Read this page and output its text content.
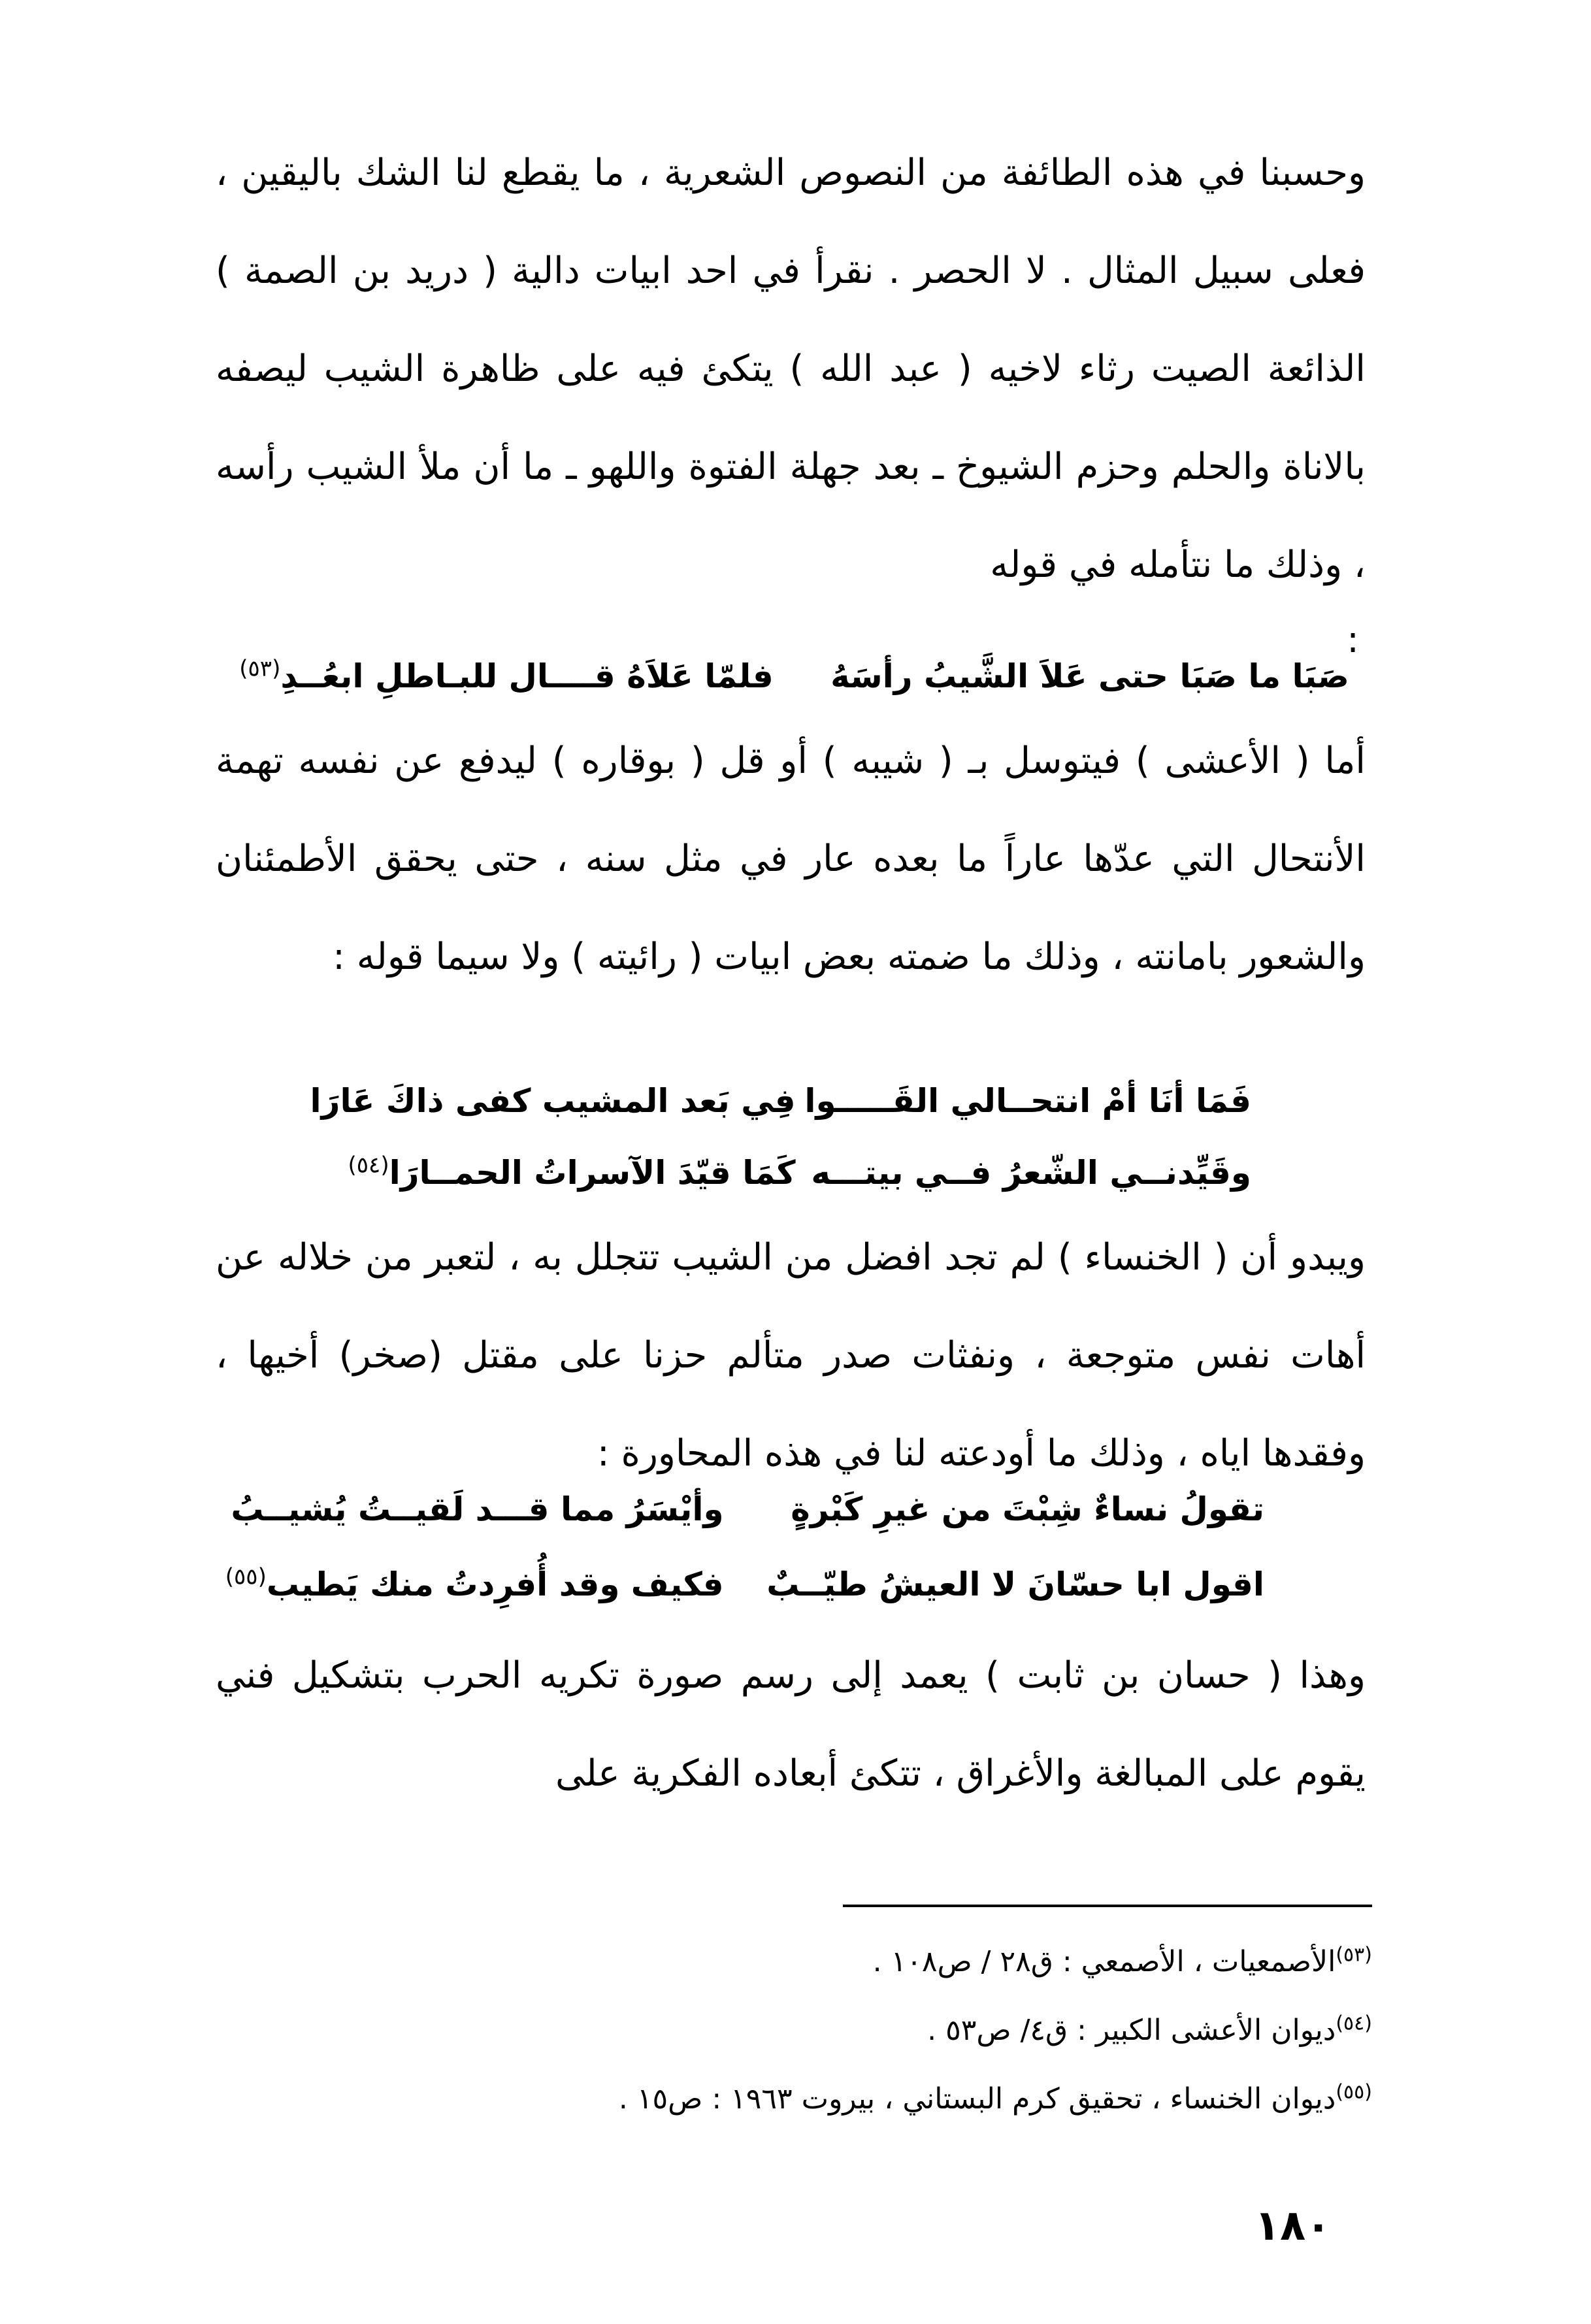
وحسبنا في هذه الطائفة من النصوص الشعرية ، ما يقطع لنا الشك باليقين ، فعلى سبيل المثال . لا الحصر . نقرأ في احد ابيات دالية ( دريد بن الصمة ) الذائعة الصيت رثاء لاخيه ( عبد الله ) يتكئ فيه على ظاهرة الشيب ليصفه بالاناة والحلم وحزم الشيوخ ـ بعد جهلة الفتوة واللهو ـ ما أن ملأ الشيب رأسه ، وذلك ما نتأمله في قوله

:

صَبَا ما صَبَا حتى عَلاَ الشَّيبُ رأسَهُ فلمّا عَلاَهُ قــــال للبـاطلِ ابعُــدِ$^{(٥٣)}$

أما ( الأعشى ) فيتوسل بـ ( شيبه ) أو قل ( بوقاره ) ليدفع عن نفسه تهمة الأنتحال التي عدّها عاراً ما بعده عار في مثل سنه ، حتى يحقق الأطمئنان والشعور بامانته ، وذلك ما ضمته بعض ابيات ( رائيته ) ولا سيما قوله :

فَمَا أنَا أمْ انتحــالي القَـــــوا فِي بَعد المشيب كفى ذاكَ عَارَا
وقَيِّدنــي الشّعرُ فــي بيتـــه كَمَا قيّدَ الآسراتُ الحمــارَا$^{(٥٤)}$

ويبدو أن ( الخنساء ) لم تجد افضل من الشيب تتجلل به ، لتعبر من خلاله عن أهات نفس متوجعة ، ونفثات صدر متألم حزنا على مقتل (صخر) أخيها ، وفقدها اياه ، وذلك ما أودعته لنا في هذه المحاورة :

تقولُ نساءٌ شِبْتَ من غيرِ كَبْرةٍ وأيْسَرُ مما قـــد لَقيــتُ يُشيــبُ
اقول ابا حسّانَ لا العيشُ طيّــبٌ فكيف وقد أُفرِدتُ منك يَطيب$^{(٥٥)}$

وهذا ( حسان بن ثابت ) يعمد إلى رسم صورة تكريه الحرب بتشكيل فني يقوم على المبالغة والأغراق ، تتكئ أبعاده الفكرية على

$^{(٥٣)}$الأصمعيات ، الأصمعي : ق٢٨ / ص١٠٨ .

$^{(٥٤)}$ديوان الأعشى الكبير : ق٤/ ص٥٣ .

$^{(٥٥)}$ديوان الخنساء ، تحقيق كرم البستاني ، بيروت ١٩٦٣ : ص١٥ .

١٨٠
